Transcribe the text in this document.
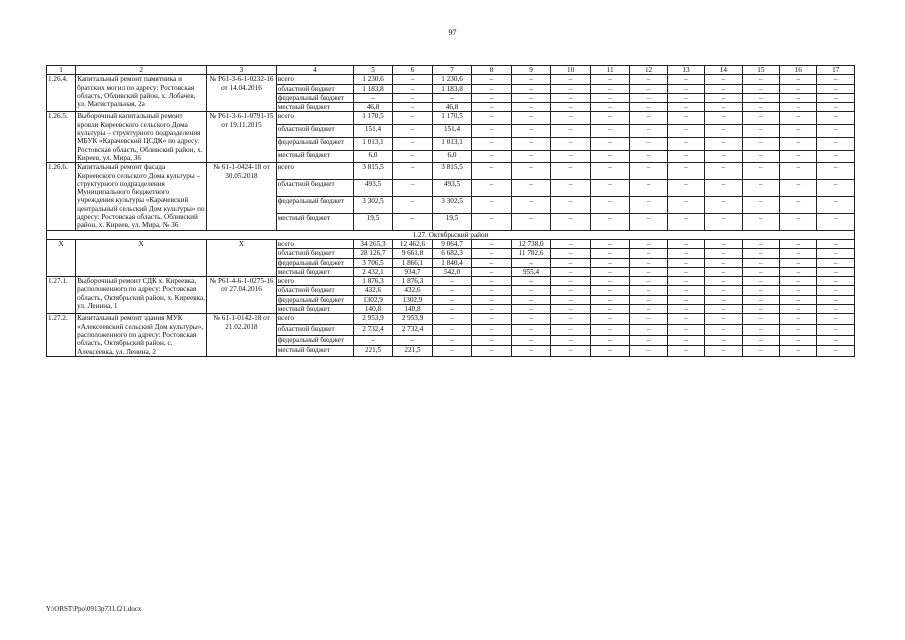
97
1	2	3	4	5	6	7	8	9	10	11	12	13	14	15	16	17
1.26.4.	Капитальный ремонт памятника и братских могил по адресу: Ростовская область, Обливский район, х. Лобачев, ул. Магистральная, 2а	№ Р61-3-6-1-0232-16 от 14.04.2016	всего	1 230,6	–	1 230,6	–	–	–	–	–	–	–	–	–	–
			областной бюджет	1 183,8	–	1 183,8	–	–	–	–	–	–	–	–	–	–
			федеральный бюджет	–	–	–	–	–	–	–	–	–	–	–	–	–
			местный бюджет	46,8	–	46,8	–	–	–	–	–	–	–	–	–	–
1.26.5.	Выборочный капитальный ремонт кровли Киреевского сельского Дома культуры – структурного подразделения МБУК «Карачевский ЦСДК» по адресу: Ростовская область, Обливский район, х. Киреев, ул. Мира, 36	№ Р61-3-6-1-0791-15 от 19.11.2015	всего	1 170,5	–	1 170,5	–	–	–	–	–	–	–	–	–	–
			областной бюджет	151,4	–	151,4	–	–	–	–	–	–	–	–	–	–
			федеральный бюджет	1 013,1	–	1 013,1	–	–	–	–	–	–	–	–	–	–
			местный бюджет	6,0	–	6,0	–	–	–	–	–	–	–	–	–	–
1.26.6.	Капитальный ремонт фасада Киреевского сельского Дома культуры – структурного подразделения Муниципального бюджетного учреждения культуры «Карачевский центральный сельский Дом культуры» по адресу: Ростовская область, Обливский район, х. Киреев, ул. Мира, № 36	№ 61-1-0424-18 от 30.05.2018	всего	3 815,5	–	3 815,5	–	–	–	–	–	–	–	–	–	–
			областной бюджет	493,5	–	493,5	–	–	–	–	–	–	–	–	–	–
			федеральный бюджет	3 302,5	–	3 302,5	–	–	–	–	–	–	–	–	–	–
			местный бюджет	19,5	–	19,5	–	–	–	–	–	–	–	–	–	–
1.27. Октябрьский район																
X	X	X	всего	34 265,3	12 462,6	9 064,7	–	12 738,0	–	–	–	–	–	–	–	–
			областной бюджет	28 126,7	9 661,8	6 682,3	–	11 782,6	–	–	–	–	–	–	–	–
			федеральный бюджет	3 706,5	1 866,1	1 840,4	–	–	–	–	–	–	–	–	–	–
			местный бюджет	2 432,1	934,7	542,0	–	955,4	–	–	–	–	–	–	–	–
1.27.1.	Выборочный ремонт СДК х. Киреевка, расположенного по адресу: Ростовская область, Октябрьский район, х. Киреевка, ул. Ленина, 1	№ Р61-4-6-1-0275-16 от 27.04.2016	всего	1 876,3	1 876,3	–	–	–	–	–	–	–	–	–	–	–
			областной бюджет	432,6	432,6	–	–	–	–	–	–	–	–	–	–	–
			федеральный бюджет	1302,9	1302,9	–	–	–	–	–	–	–	–	–	–	–
			местный бюджет	140,8	140,8	–	–	–	–	–	–	–	–	–	–	–
1.27.2.	Капитальный ремонт здания МУК «Алексеевский сельский Дом культуры», расположенного по адресу: Ростовская область, Октябрьский район, с. Алексеевка, ул. Ленина, 2	№ 61-1-0142-18 от 21.02.2018	всего	2 953,9	2 953,9	–	–	–	–	–	–	–	–	–	–	–
			областной бюджет	2 732,4	2 732,4	–	–	–	–	–	–	–	–	–	–	–
			федеральный бюджет	–	–	–	–	–	–	–	–	–	–	–	–	–
			местный бюджет	221,5	221,5	–	–	–	–	–	–	–	–	–	–	–
Y:\ORST\Ppo\0913p731.f21.docx
